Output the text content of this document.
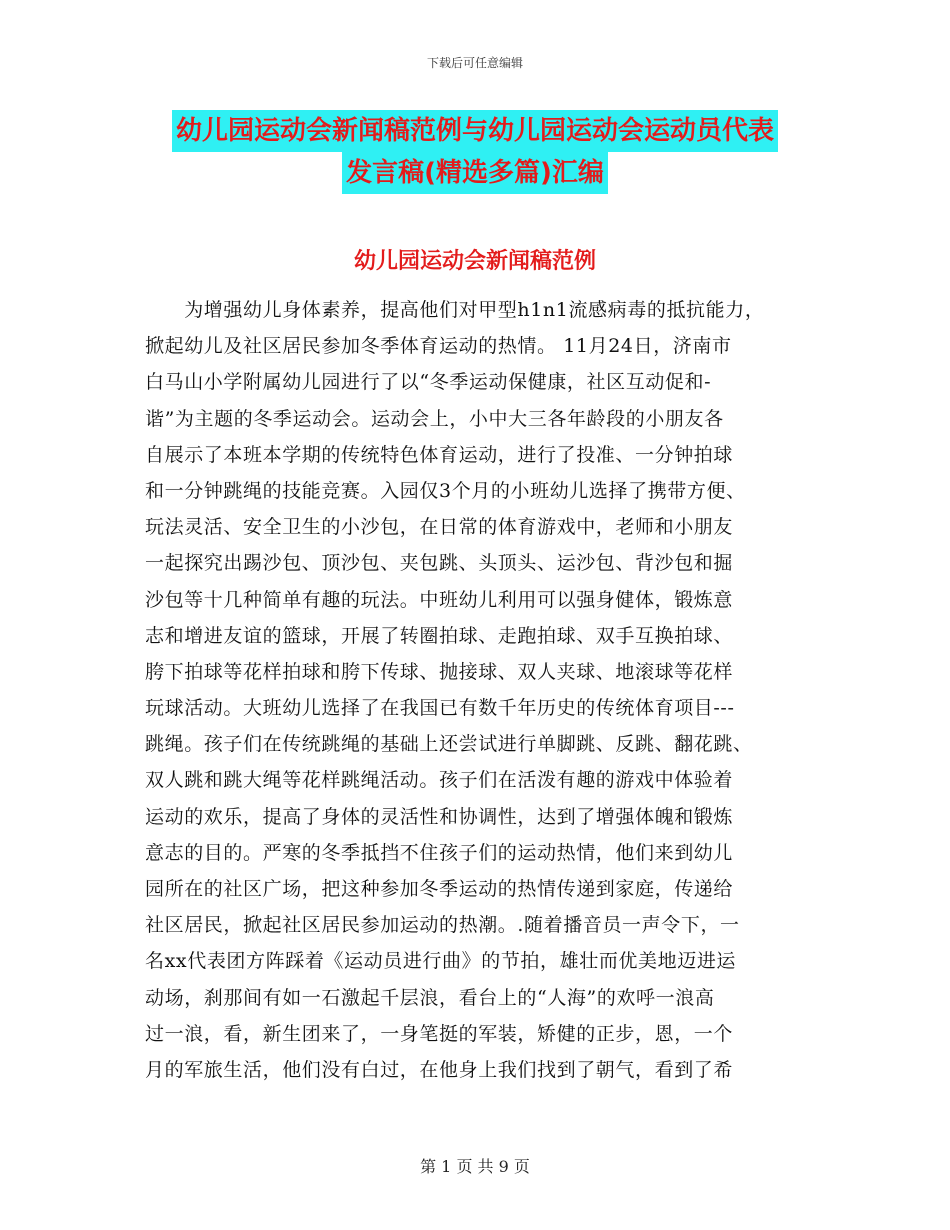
下载后可任意编辑
幼儿园运动会新闻稿范例与幼儿园运动会运动员代表
发言稿(精选多篇)汇编
幼儿园运动会新闻稿范例
　　为增强幼儿身体素养，提高他们对甲型h1n1流感病毒的抵抗能力，
掀起幼儿及社区居民参加冬季体育运动的热情。 11月24日，济南市
白马山小学附属幼儿园进行了以“冬季运动保健康，社区互动促和-
谐”为主题的冬季运动会。运动会上，小中大三各年龄段的小朋友各
自展示了本班本学期的传统特色体育运动，进行了投准、一分钟拍球
和一分钟跳绳的技能竞赛。入园仅3个月的小班幼儿选择了携带方便、
玩法灵活、安全卫生的小沙包，在日常的体育游戏中，老师和小朋友
一起探究出踢沙包、顶沙包、夹包跳、头顶头、运沙包、背沙包和掘
沙包等十几种简单有趣的玩法。中班幼儿利用可以强身健体，锻炼意
志和增进友谊的篮球，开展了转圈拍球、走跑拍球、双手互换拍球、
胯下拍球等花样拍球和胯下传球、抛接球、双人夹球、地滚球等花样
玩球活动。大班幼儿选择了在我国已有数千年历史的传统体育项目---
跳绳。孩子们在传统跳绳的基础上还尝试进行单脚跳、反跳、翻花跳、
双人跳和跳大绳等花样跳绳活动。孩子们在活泼有趣的游戏中体验着
运动的欢乐，提高了身体的灵活性和协调性，达到了增强体魄和锻炼
意志的目的。严寒的冬季抵挡不住孩子们的运动热情，他们来到幼儿
园所在的社区广场，把这种参加冬季运动的热情传递到家庭，传递给
社区居民，掀起社区居民参加运动的热潮。.随着播音员一声令下，一
名xx代表团方阵踩着《运动员进行曲》的节拍，雄壮而优美地迈进运
动场，刹那间有如一石激起千层浪，看台上的“人海”的欢呼一浪高
过一浪，看，新生团来了，一身笔挺的军装，矫健的正步，恩，一个
月的军旅生活，他们没有白过，在他身上我们找到了朝气，看到了希
第 1 页 共 9 页
